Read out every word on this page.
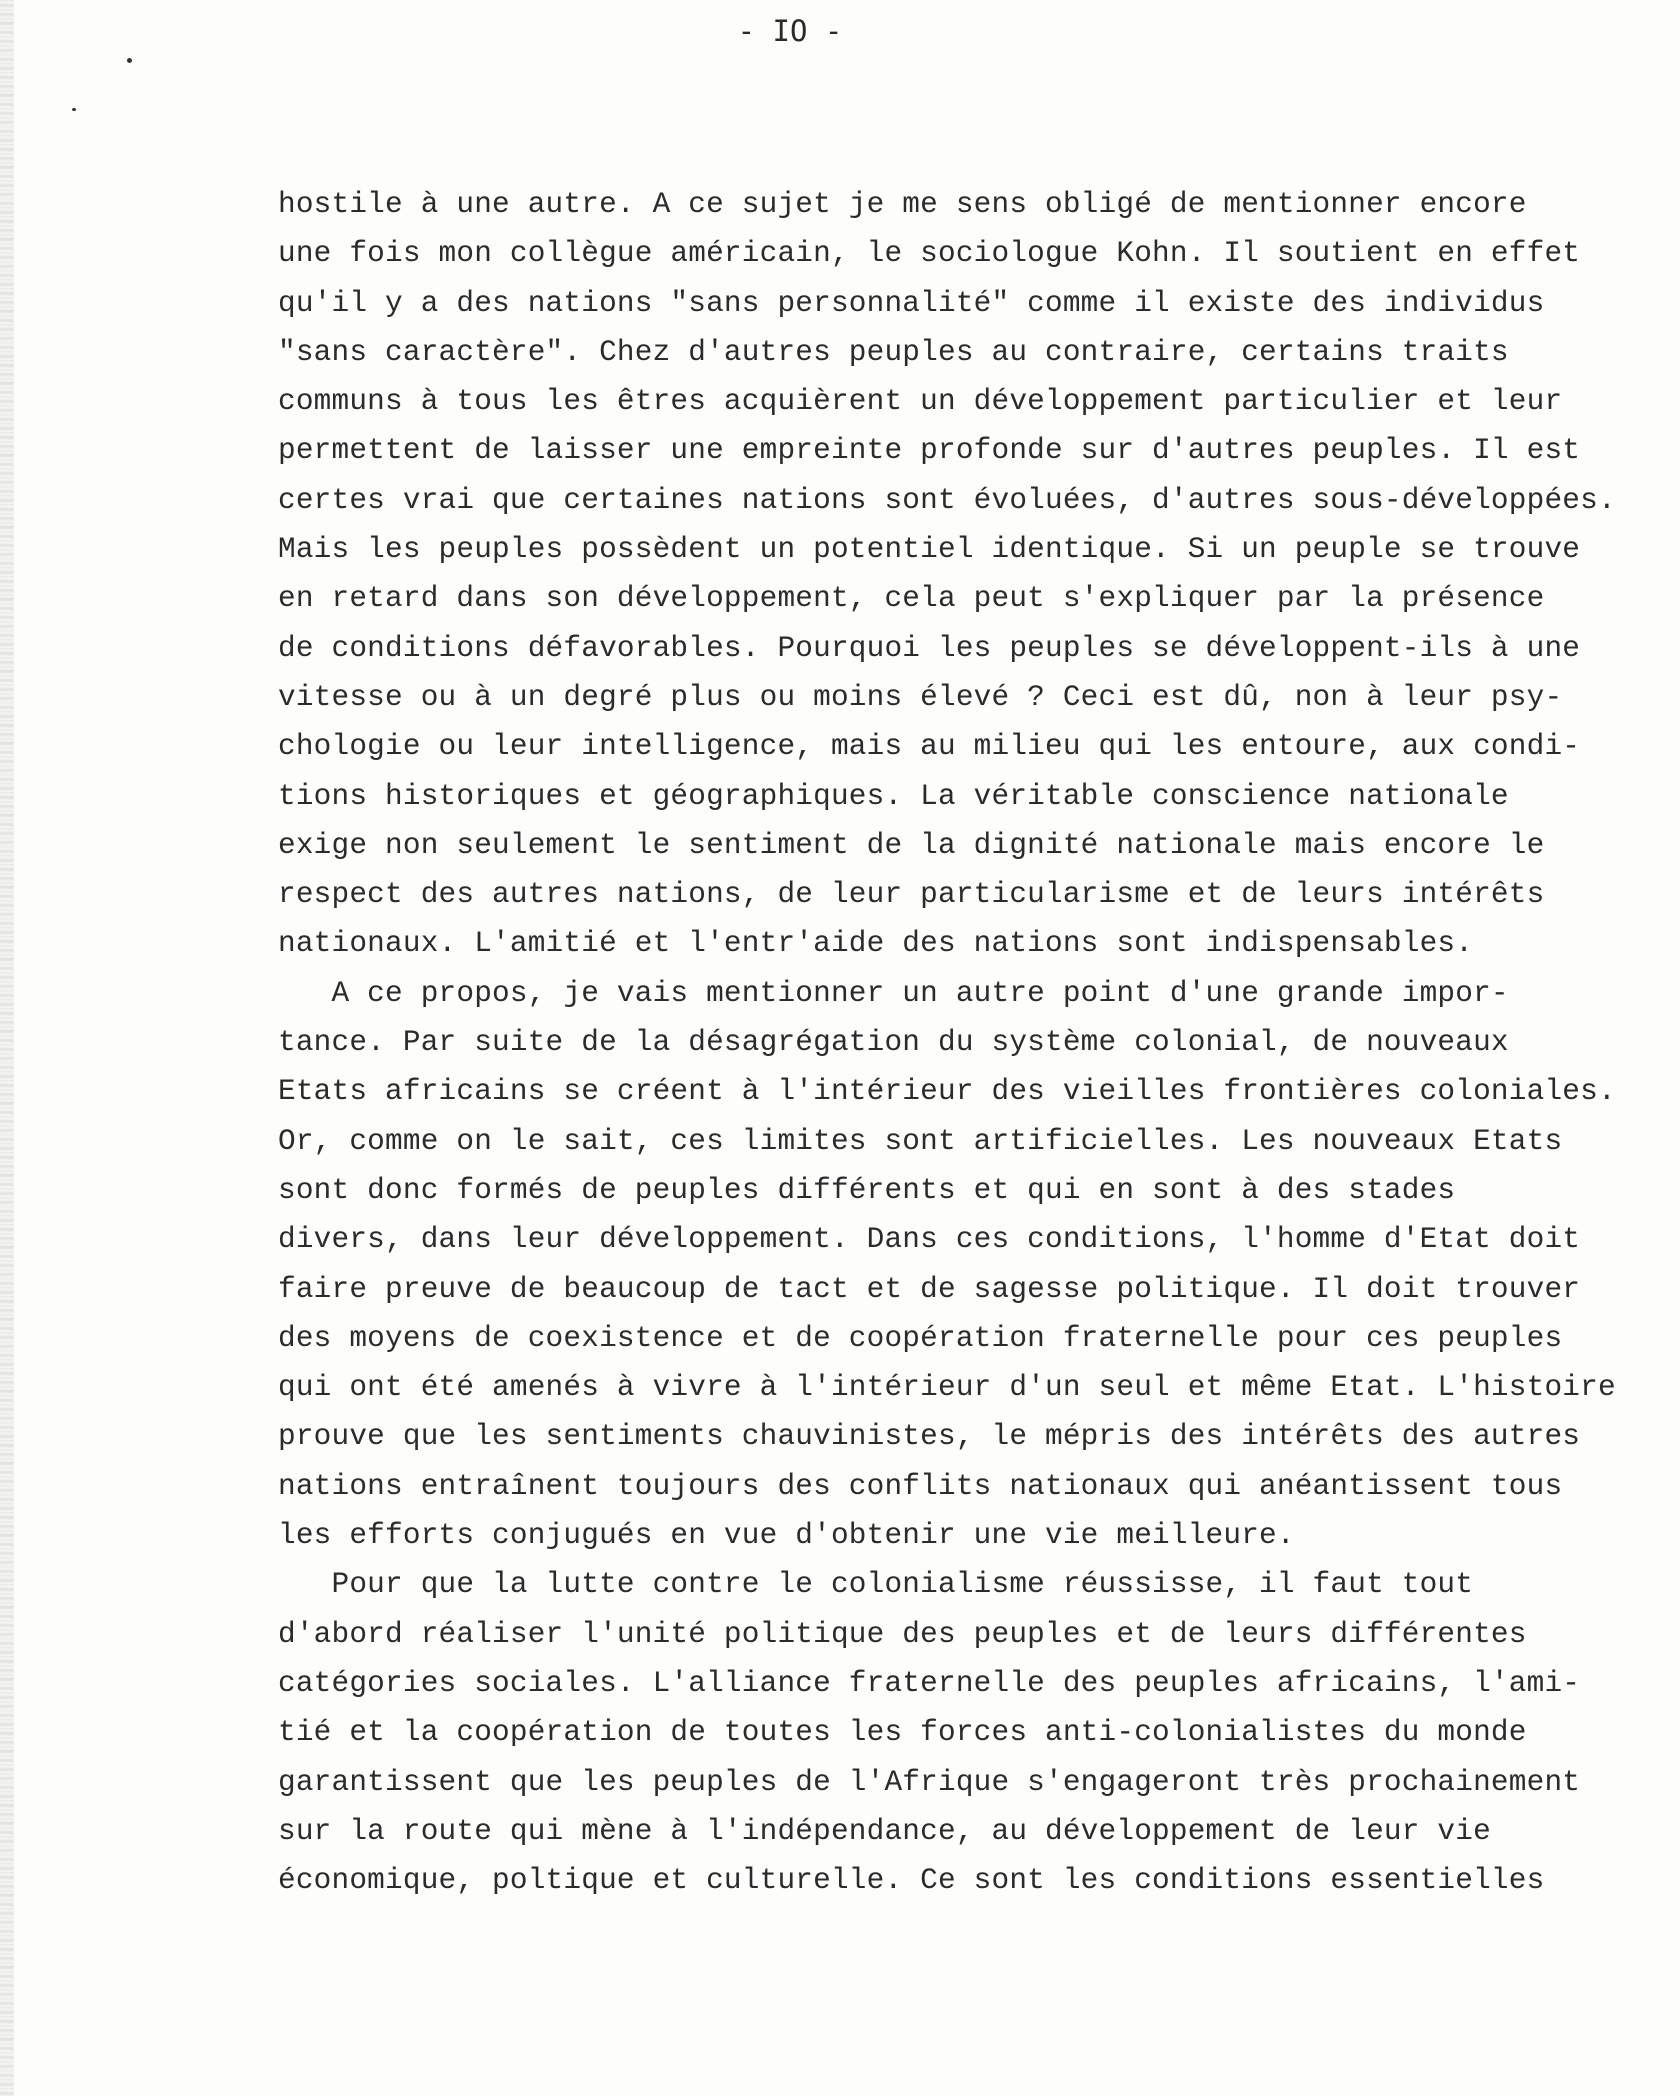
- IO -
hostile à une autre. A ce sujet je me sens obligé de mentionner encore
une fois mon collègue américain, le sociologue Kohn. Il soutient en effet
qu'il y a des nations "sans personnalité" comme il existe des individus
"sans caractère". Chez d'autres peuples au contraire, certains traits
communs à tous les êtres acquièrent un dé‍veloppement particulier et leur
permettent de laisser une empreinte profonde sur d'autres peuples. Il est
certes vrai que certaines nations sont évoluées, d'autres sous-développées.
Mais les peuples possèdent un potentiel identique. Si un peuple se trouve
en retard dans son développement, cela peut s'expliquer par la présence
de conditions défavorables. Pourquoi les peuples se développent-ils à une
vitesse ou à un degré plus ou moins élevé ? Ceci est dû, non à leur psy-
chologie ou leur intelligence, mais au milieu qui les entoure, aux condi-
tions historiques et géographiques. La véritable conscience nationale
exige non seulement le sentiment de la dignité nationale mais encore le
respect des autres nations, de leur particularisme et de leurs intérêts
nationaux. L'amitié et l'entr'aide des nations sont indispensables.
A ce propos, je vais mentionner un autre point d'une grande impor-
tance. Par suite de la désagrégation du système colonial, de nouveaux
Etats africains se créent à l'intérieur des vieilles frontières coloniales.
Or, comme on le sait, ces limites sont artificielles. Les nouveaux Etats
sont donc formés de peuples différents et qui en sont à des stades
divers, dans leur développement. Dans ces conditions, l'homme d'Etat doit
faire preuve de beaucoup de tact et de sagesse politique. Il doit trouver
des moyens de coexistence et de coopération fraternelle pour ces peuples
qui ont été amenés à vivre à l'intérieur d'un seul et même Etat. L'histoire
prouve que les sentiments chauvinistes, le mépris des intérêts des autres
nations entraînent toujours des conflits nationaux qui anéantissent tous
les efforts conjugués en vue d'obtenir une vie meilleure.
Pour que la lutte contre le colonialisme réussisse, il faut tout
d'abord réaliser l'unité politique des peuples et de leurs différentes
catégories sociales. L'alliance fraternelle des peuples africains, l'ami-
tié et la coopération de toutes les forces anti-colonialistes du monde
garantissent que les peuples de l'Afrique s'engageront très prochainement
sur la route qui mène à l'indépendance, au développement de leur vie
économique, poltique et culturelle. Ce sont les conditions essentielles
